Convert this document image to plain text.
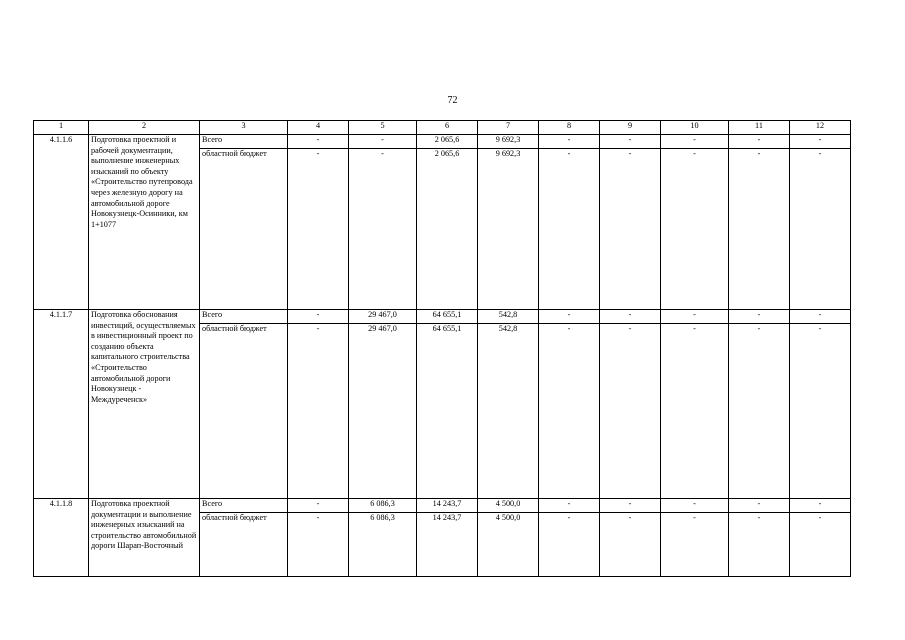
72
1	2	3	4	5	6	7	8	9	10	11	12
4.1.1.6	Подготовка проектной и рабочей документации, выполнение инженерных изысканий по объекту «Строительство путепровода через железную дорогу на автомобильной дороге Новокузнецк-Осинники, км 1+1077	Всего	-	-	2 065,6	9 692,3	-	-	-	-	-
		областной бюджет	-	-	2 065,6	9 692,3	-	-	-	-	-
4.1.1.7	Подготовка обоснования инвестиций, осуществляемых в инвестиционный проект по созданию объекта капитального строительства «Строительство автомобильной дороги Новокузнецк - Междуреченск»	Всего	-	29 467,0	64 655,1	542,8	-	-	-	-	-
		областной бюджет	-	29 467,0	64 655,1	542,8	-	-	-	-	-
4.1.1.8	Подготовка проектной документации и выполнение инженерных изысканий на строительство автомобильной дороги Шарап-Восточный	Всего	-	6 086,3	14 243,7	4 500,0	-	-	-	-	-
		областной бюджет	-	6 086,3	14 243,7	4 500,0	-	-	-	-	-
